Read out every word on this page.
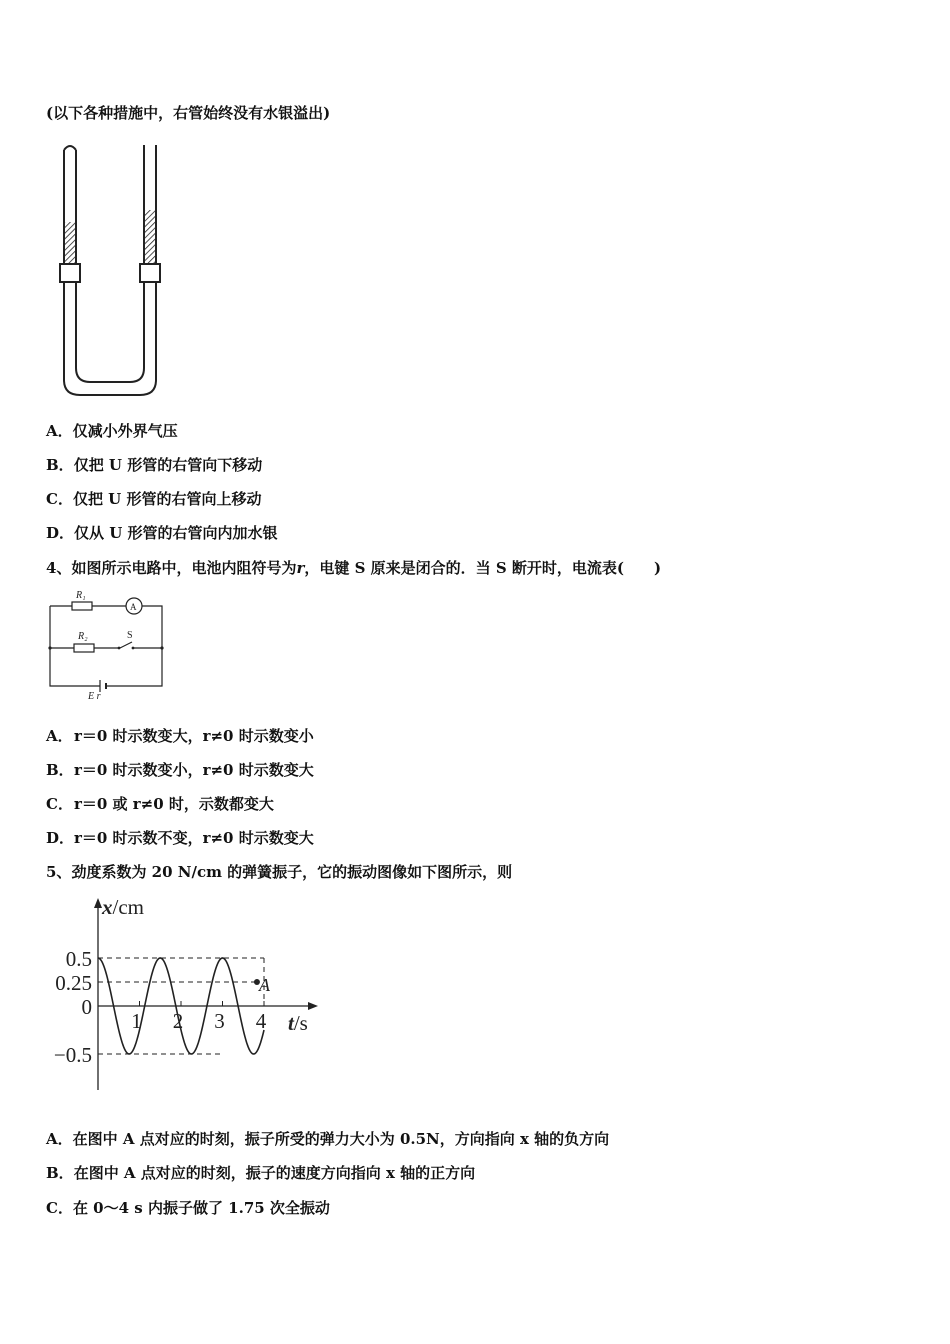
(以下各种措施中，右管始终没有水银溢出)
A．仅减小外界气压
B．仅把 U 形管的右管向下移动
C．仅把 U 形管的右管向上移动
D．仅从 U 形管的右管向内加水银
4、如图所示电路中，电池内阻符号为r，电键 S 原来是闭合的．当 S 断开时，电流表(　　)
R₁
R₂	S
A
E r
A． r＝0 时示数变大，r≠0 时示数变小
B． r＝0 时示数变小，r≠0 时示数变大
C． r＝0 或 r≠0 时，示数都变大
D． r＝0 时示数不变，r≠0 时示数变大
5、劲度系数为 20 N/cm 的弹簧振子，它的振动图像如下图所示，则
x/cm
t/s
0.5
0.25
0
−0.5
1 2 3 4
A
A．在图中 A 点对应的时刻，振子所受的弹力大小为 0.5N，方向指向 x 轴的负方向
B．在图中 A 点对应的时刻，振子的速度方向指向 x 轴的正方向
C．在 0～4 s 内振子做了 1.75 次全振动
